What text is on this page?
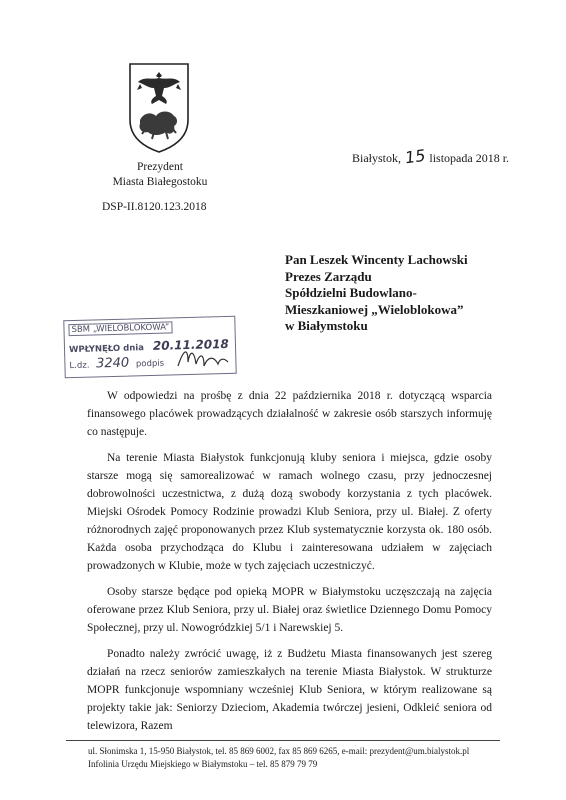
Prezydent
Miasta Białegostoku
DSP-II.8120.123.2018
Białystok, 15 listopada 2018 r.
Pan Leszek Wincenty Lachowski
Prezes Zarządu
Spółdzielni Budowlano-
Mieszkaniowej „Wieloblokowa”
w Białymstoku
SBM „WIELOBLOKOWA”
WPŁYNĘŁO dnia 20.11.2018
L.dz. 3240 podpis

W odpowiedzi na prośbę z dnia 22 października 2018 r. dotyczącą wsparcia finansowego placówek prowadzących działalność w zakresie osób starszych informuję co następuje.

Na terenie Miasta Białystok funkcjonują kluby seniora i miejsca, gdzie osoby starsze mogą się samorealizować w ramach wolnego czasu, przy jednoczesnej dobrowolności uczestnictwa, z dużą dozą swobody korzystania z tych placówek. Miejski Ośrodek Pomocy Rodzinie prowadzi Klub Seniora, przy ul. Białej. Z oferty różnorodnych zajęć proponowanych przez Klub systematycznie korzysta ok. 180 osób. Każda osoba przychodząca do Klubu i zainteresowana udziałem w zajęciach prowadzonych w Klubie, może w tych zajęciach uczestniczyć.

Osoby starsze będące pod opieką MOPR w Białymstoku uczęszczają na zajęcia oferowane przez Klub Seniora, przy ul. Białej oraz świetlice Dziennego Domu Pomocy Społecznej, przy ul. Nowogródzkiej 5/1 i Narewskiej 5.

Ponadto należy zwrócić uwagę, iż z Budżetu Miasta finansowanych jest szereg działań na rzecz seniorów zamieszkałych na terenie Miasta Białystok. W strukturze MOPR funkcjonuje wspomniany wcześniej Klub Seniora, w którym realizowane są projekty takie jak: Seniorzy Dzieciom, Akademia twórczej jesieni, Odkleić seniora od telewizora, Razem

ul. Słonimska 1, 15-950 Białystok, tel. 85 869 6002, fax 85 869 6265, e-mail: prezydent@um.bialystok.pl
Infolinia Urzędu Miejskiego w Białymstoku – tel. 85 879 79 79
